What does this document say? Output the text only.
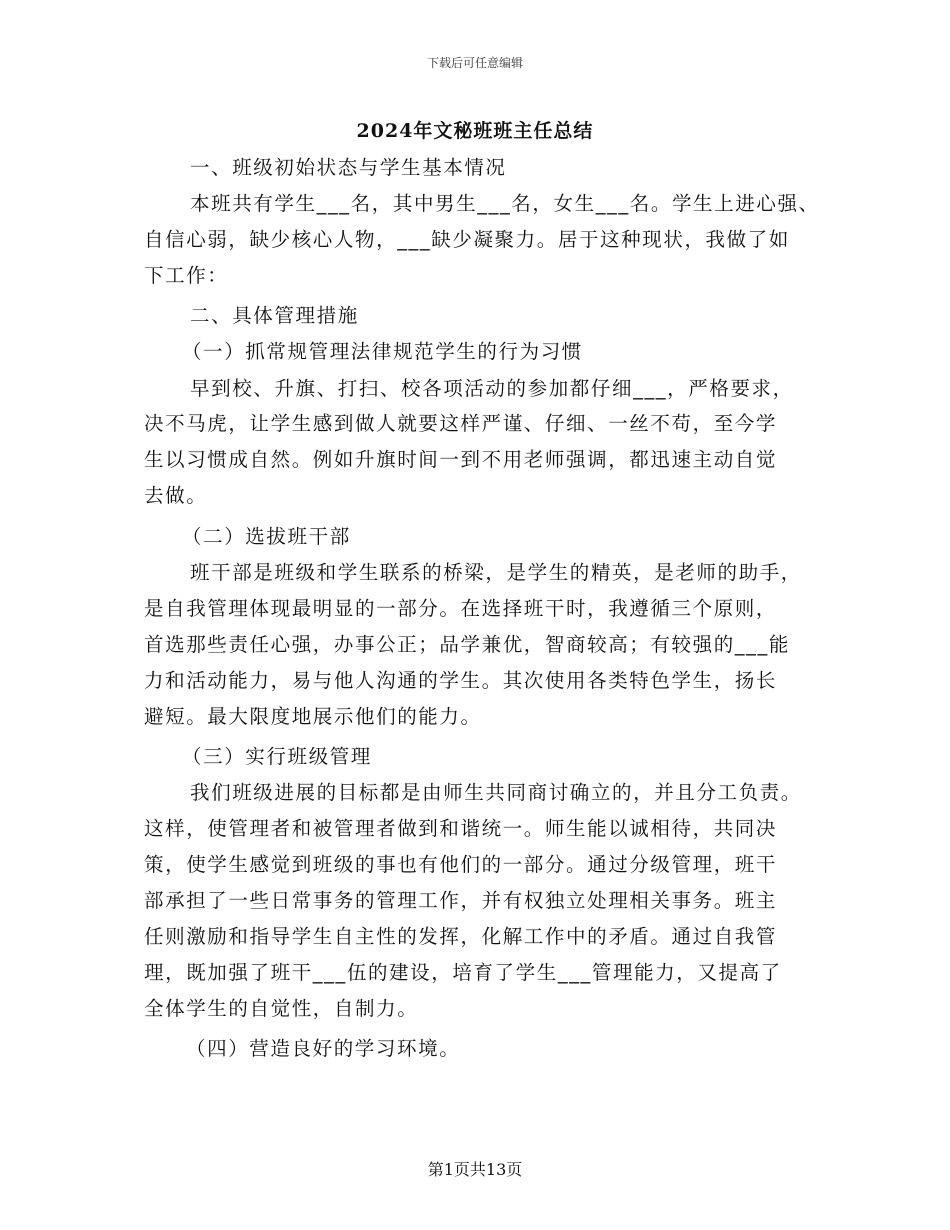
下载后可任意编辑
2024年文秘班班主任总结
一、班级初始状态与学生基本情况
本班共有学生___名，其中男生___名，女生___名。学生上进心强、
自信心弱，缺少核心人物，___缺少凝聚力。居于这种现状，我做了如
下工作：
二、具体管理措施
（一）抓常规管理法律规范学生的行为习惯
早到校、升旗、打扫、校各项活动的参加都仔细___，严格要求，
决不马虎，让学生感到做人就要这样严谨、仔细、一丝不苟，至今学
生以习惯成自然。例如升旗时间一到不用老师强调，都迅速主动自觉
去做。
（二）选拔班干部
班干部是班级和学生联系的桥梁，是学生的精英，是老师的助手，
是自我管理体现最明显的一部分。在选择班干时，我遵循三个原则，
首选那些责任心强，办事公正；品学兼优，智商较高；有较强的___能
力和活动能力，易与他人沟通的学生。其次使用各类特色学生，扬长
避短。最大限度地展示他们的能力。
（三）实行班级管理
我们班级进展的目标都是由师生共同商讨确立的，并且分工负责。
这样，使管理者和被管理者做到和谐统一。师生能以诚相待，共同决
策，使学生感觉到班级的事也有他们的一部分。通过分级管理，班干
部承担了一些日常事务的管理工作，并有权独立处理相关事务。班主
任则激励和指导学生自主性的发挥，化解工作中的矛盾。通过自我管
理，既加强了班干___伍的建设，培育了学生___管理能力，又提高了
全体学生的自觉性，自制力。
（四）营造良好的学习环境。
第1页共13页
